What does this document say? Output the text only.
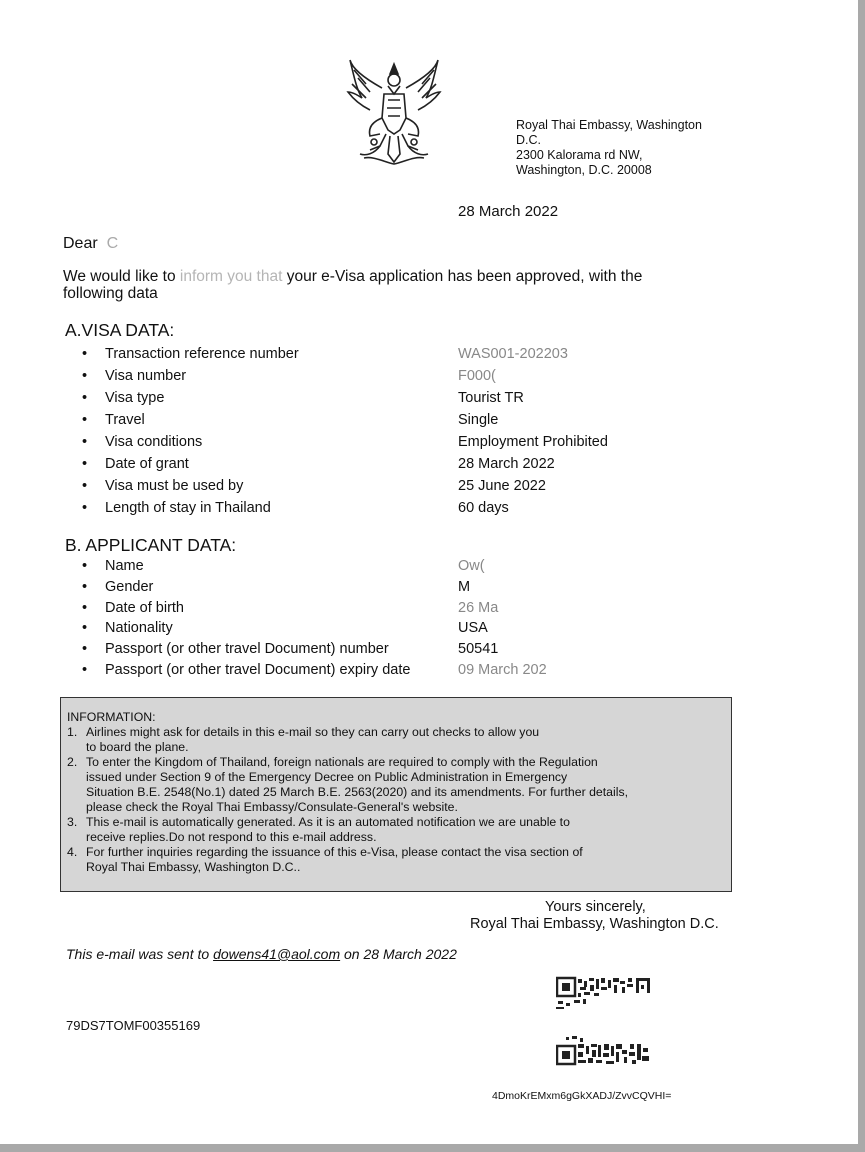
Royal Thai Embassy, Washington
D.C.
2300 Kalorama rd NW,
Washington, D.C. 20008
28 March 2022
Dear C
We would like to inform you that your e-Visa application has been approved, with the
following data
A.VISA DATA:
• Transaction reference number	WAS001-202203
• Visa number	F000(
• Visa type	Tourist TR
• Travel	Single
• Visa conditions	Employment Prohibited
• Date of grant	28 March 2022
• Visa must be used by	25 June 2022
• Length of stay in Thailand	60 days
B. APPLICANT DATA:
• Name	Ow(
• Gender	M
• Date of birth	26 Ma
• Nationality	USA
• Passport (or other travel Document) number	50541
• Passport (or other travel Document) expiry date	09 March 202
INFORMATION:
1. Airlines might ask for details in this e-mail so they can carry out checks to allow you
to board the plane.
2. To enter the Kingdom of Thailand, foreign nationals are required to comply with the Regulation
issued under Section 9 of the Emergency Decree on Public Administration in Emergency
Situation B.E. 2548(No.1) dated 25 March B.E. 2563(2020) and its amendments. For further details,
please check the Royal Thai Embassy/Consulate-General's website.
3. This e-mail is automatically generated. As it is an automated notification we are unable to
receive replies.Do not respond to this e-mail address.
4. For further inquiries regarding the issuance of this e-Visa, please contact the visa section of
Royal Thai Embassy, Washington D.C..
Yours sincerely,
Royal Thai Embassy, Washington D.C.
This e-mail was sent to dowens41@aol.com on 28 March 2022
79DS7TOMF00355169
4DmoKrEMxm6gGkXADJ/ZvvCQVHI=
